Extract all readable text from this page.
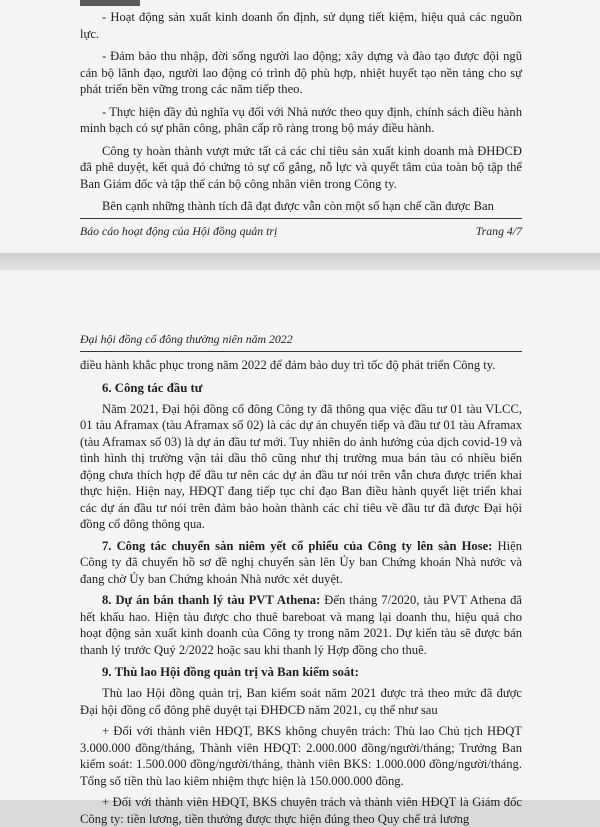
- Hoạt động sản xuất kinh doanh ổn định, sử dụng tiết kiệm, hiệu quả các nguồn lực.

- Đảm bảo thu nhập, đời sống người lao động; xây dựng và đào tạo được đội ngũ cán bộ lãnh đạo, người lao động có trình độ phù hợp, nhiệt huyết tạo nền tảng cho sự phát triển bền vững trong các năm tiếp theo.

- Thực hiện đầy đủ nghĩa vụ đối với Nhà nước theo quy định, chính sách điều hành minh bạch có sự phân công, phân cấp rõ ràng trong bộ máy điều hành.

Công ty hoàn thành vượt mức tất cả các chỉ tiêu sản xuất kinh doanh mà ĐHĐCĐ đã phê duyệt, kết quả đó chứng tỏ sự cố gắng, nỗ lực và quyết tâm của toàn bộ tập thể Ban Giám đốc và tập thể cán bộ công nhân viên trong Công ty.

Bên cạnh những thành tích đã đạt được vẫn còn một số hạn chế cần được Ban

Báo cáo hoạt động của Hội đồng quản trị	Trang 4/7
Đại hội đồng cổ đông thường niên năm 2022

điều hành khắc phục trong năm 2022 để đảm bảo duy trì tốc độ phát triển Công ty.

6. Công tác đầu tư

Năm 2021, Đại hội đồng cổ đông Công ty đã thông qua việc đầu tư 01 tàu VLCC, 01 tàu Aframax (tàu Aframax số 02) là các dự án chuyển tiếp và đầu tư 01 tàu Aframax (tàu Aframax số 03) là dự án đầu tư mới. Tuy nhiên do ảnh hưởng của dịch covid-19 và tình hình thị trường vận tải dầu thô cũng như thị trường mua bán tàu có nhiều biến động chưa thích hợp để đầu tư nên các dự án đầu tư nói trên vẫn chưa được triển khai thực hiện. Hiện nay, HĐQT đang tiếp tục chỉ đạo Ban điều hành quyết liệt triển khai các dự án đầu tư nói trên đảm bảo hoàn thành các chỉ tiêu về đầu tư đã được Đại hội đồng cổ đông thông qua.

7. Công tác chuyển sàn niêm yết cổ phiếu của Công ty lên sàn Hose: Hiện Công ty đã chuyển hồ sơ đề nghị chuyển sàn lên Ủy ban Chứng khoán Nhà nước và đang chờ Ủy ban Chứng khoán Nhà nước xét duyệt.

8. Dự án bán thanh lý tàu PVT Athena: Đến tháng 7/2020, tàu PVT Athena đã hết khấu hao. Hiện tàu được cho thuê bareboat và mang lại doanh thu, hiệu quả cho hoạt động sản xuất kinh doanh của Công ty trong năm 2021. Dự kiến tàu sẽ được bán thanh lý trước Quý 2/2022 hoặc sau khi thanh lý Hợp đồng cho thuê.

9. Thù lao Hội đồng quản trị và Ban kiểm soát:

Thù lao Hội đồng quản trị, Ban kiểm soát năm 2021 được trả theo mức đã được Đại hội đồng cổ đông phê duyệt tại ĐHĐCĐ năm 2021, cụ thể như sau

+ Đối với thành viên HĐQT, BKS không chuyên trách: Thù lao Chủ tịch HĐQT 3.000.000 đồng/tháng, Thành viên HĐQT: 2.000.000 đồng/người/tháng; Trưởng Ban kiểm soát: 1.500.000 đồng/người/tháng, thành viên BKS: 1.000.000 đồng/người/tháng. Tổng số tiền thù lao kiêm nhiệm thực hiện là 150.000.000 đồng.

+ Đối với thành viên HĐQT, BKS chuyên trách và thành viên HĐQT là Giám đốc Công ty: tiền lương, tiền thưởng được thực hiện đúng theo Quy chế trả lương
